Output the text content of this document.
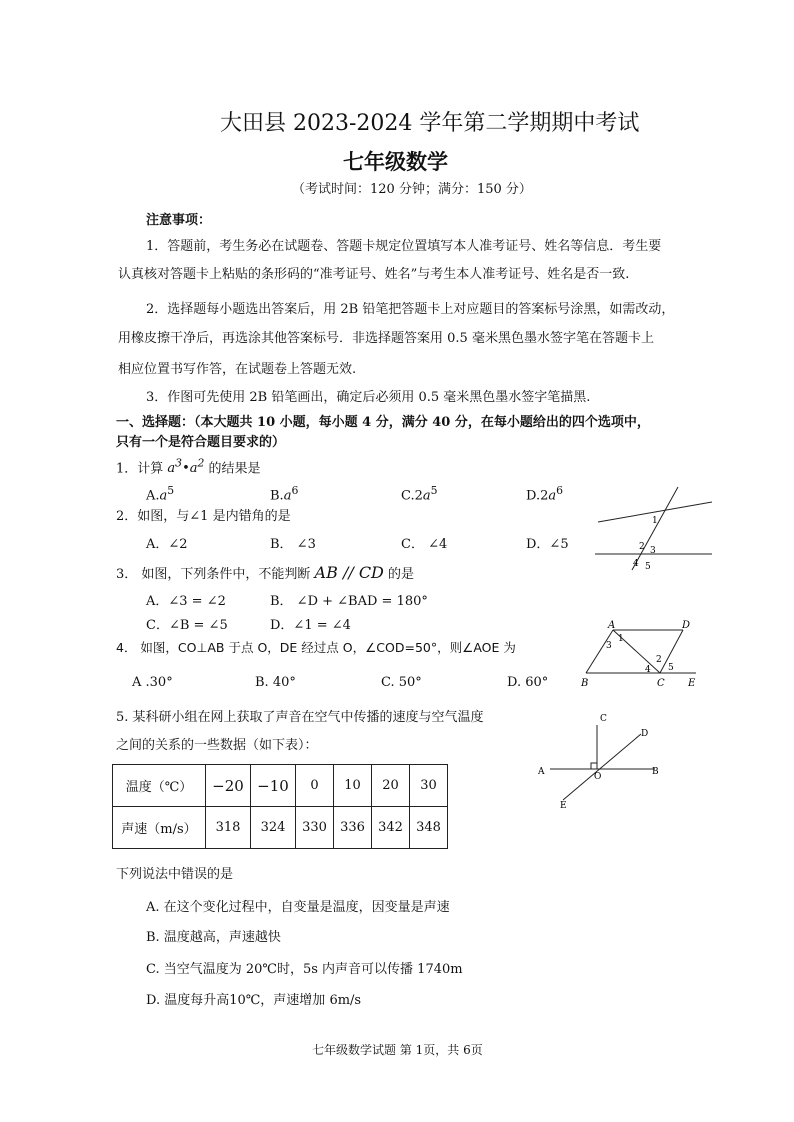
大田县 2023-2024 学年第二学期期中考试
七年级数学
（考试时间：120 分钟；满分：150 分）
注意事项：
1．答题前，考生务必在试题卷、答题卡规定位置填写本人准考证号、姓名等信息．考生要
认真核对答题卡上粘贴的条形码的“准考证号、姓名”与考生本人准考证号、姓名是否一致.
2．选择题每小题选出答案后，用 2B 铅笔把答题卡上对应题目的答案标号涂黑，如需改动，
用橡皮擦干净后，再选涂其他答案标号．非选择题答案用 0.5 毫米黑色墨水签字笔在答题卡上
相应位置书写作答，在试题卷上答题无效.
3．作图可先使用 2B 铅笔画出，确定后必须用 0.5 毫米黑色墨水签字笔描黑.
一、选择题：（本大题共 10 小题，每小题 4 分，满分 40 分，在每小题给出的四个选项中，
只有一个是符合题目要求的）
1．计算 $a^3•a^2$ 的结果是
$A.a^5$	$B.a^6$	$C.2a^5$	$D.2a^6$
2．如图，与∠1 是内错角的是
A．∠2	B． ∠3	C． ∠4	D．∠5
1
2 3
4 5
3． 如图，下列条件中，不能判断 AB // CD 的是
A．∠3 = ∠2	B． ∠D + ∠BAD = 180°
C．∠B = ∠5	D．∠1 = ∠4	A	D
B	C E
1
3
2
4 5
4． 如图，CO⊥AB 于点 O，DE 经过点 O，∠COD=50°，则∠AOE 为
A .30°	B. 40°	C. 50°	D. 60°
5. 某科研小组在网上获取了声音在空气中传播的速度与空气温度
之间的关系的一些数据（如下表）：
温度（℃）	−20	−10	0	10	20	30
声速（m/s）	318	324	330	336	342	348
下列说法中错误的是
A. 在这个变化过程中，自变量是温度，因变量是声速
B. 温度越高，声速越快
C. 当空气温度为 20℃时，5s 内声音可以传播 1740m
D. 温度每升高10℃，声速增加 6m/s
C
D
A	O	B
E
七年级数学试题 第 1页，共 6页
